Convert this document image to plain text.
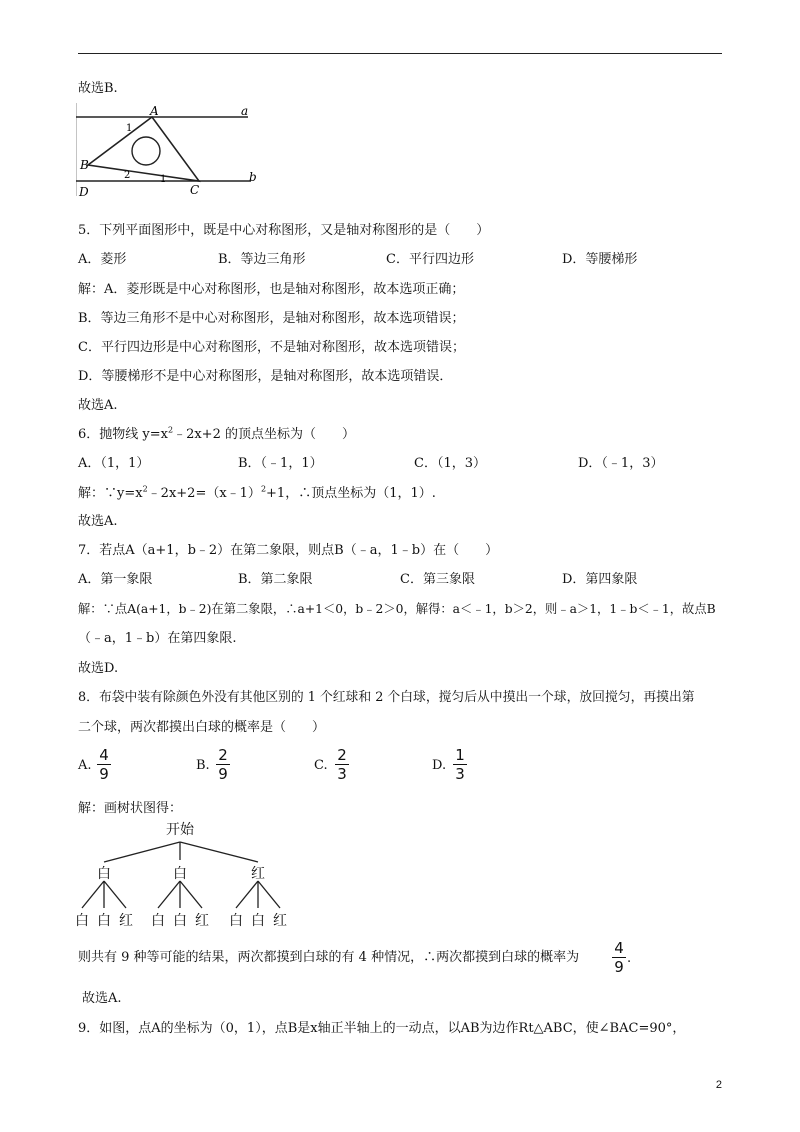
故选B.
A	a
B
C
D
b
1
2	1
5．下列平面图形中，既是中心对称图形，又是轴对称图形的是（　　）
A．菱形	B．等边三角形	C．平行四边形	D．等腰梯形
解：A．菱形既是中心对称图形，也是轴对称图形，故本选项正确；
B．等边三角形不是中心对称图形，是轴对称图形，故本选项错误；
C．平行四边形是中心对称图形，不是轴对称图形，故本选项错误；
D．等腰梯形不是中心对称图形，是轴对称图形，故本选项错误．
故选A.
6．抛物线 $y=x^2﹣2x+2$ 的顶点坐标为（　　）
A．（1，1）	B．（﹣1，1）	C．（1，3）	D．（﹣1，3）
解：$\because y=x^2﹣2x+2=(x﹣1)^2+1$，∴顶点坐标为（1，1）.
故选A.
7．若点A（a+1，b﹣2）在第二象限，则点B（﹣a，1﹣b）在（　　）
A．第一象限	B．第二象限	C．第三象限	D．第四象限
解：∵点A(a+1，b﹣2)在第二象限，∴a+1＜0，b﹣2＞0，解得：a＜﹣1，b＞2，则﹣a＞1，1﹣b＜﹣1，故点B
（﹣a，1﹣b）在第四象限.
故选D.
8．布袋中装有除颜色外没有其他区别的 1 个红球和 2 个白球，搅匀后从中摸出一个球，放回搅匀，再摸出第
二个球，两次都摸出白球的概率是（　　）
A.
4
9	B.
2
9	C.
2
3	D.
1
3
解：画树状图得：
开始
白	白	红
白 白 红 白 白 红 白 白 红
则共有 9 种等可能的结果，两次都摸到白球的有 4 种情况，∴两次都摸到白球的概率为
4
9 .
故选A.
9．如图，点A的坐标为（0，1），点B是x轴正半轴上的一动点，以AB为边作Rt△ABC，使∠BAC=90°，
2
